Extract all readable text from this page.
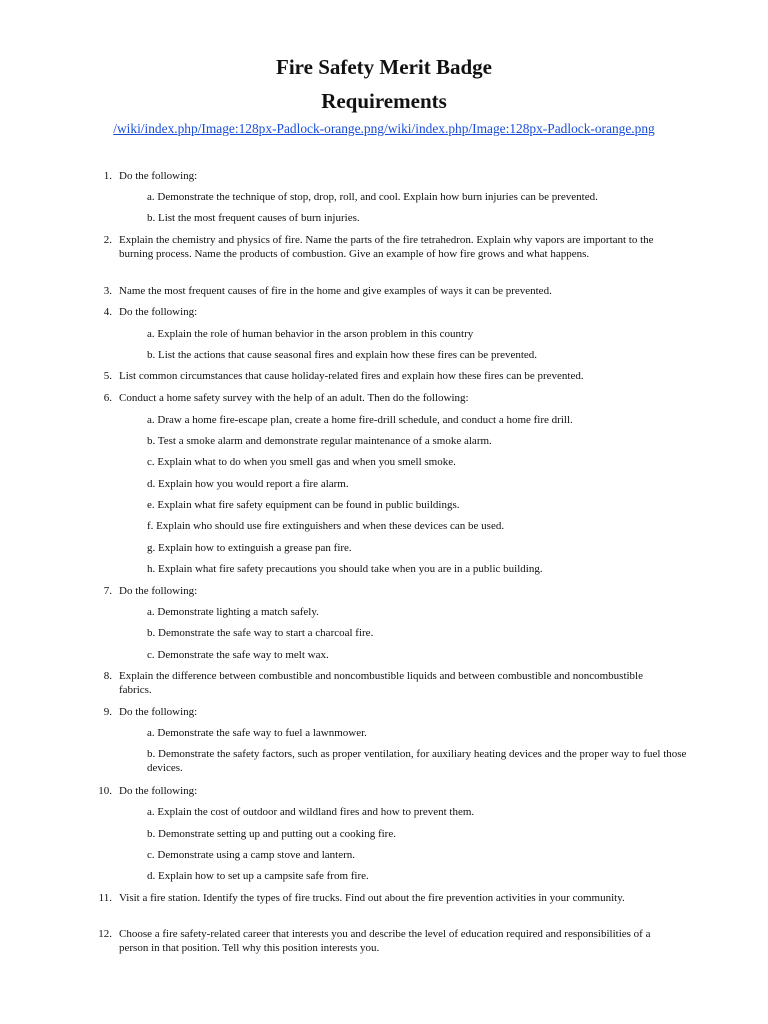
Fire Safety Merit Badge
Requirements
/wiki/index.php/Image:128px-Padlock-orange.png/wiki/index.php/Image:128px-Padlock-orange.png
1. Do the following:
a. Demonstrate the technique of stop, drop, roll, and cool. Explain how burn injuries can be prevented.
b. List the most frequent causes of burn injuries.
2. Explain the chemistry and physics of fire. Name the parts of the fire tetrahedron. Explain why vapors are important to the burning process. Name the products of combustion. Give an example of how fire grows and what happens.
3. Name the most frequent causes of fire in the home and give examples of ways it can be prevented.
4. Do the following:
a. Explain the role of human behavior in the arson problem in this country
b. List the actions that cause seasonal fires and explain how these fires can be prevented.
5. List common circumstances that cause holiday-related fires and explain how these fires can be prevented.
6. Conduct a home safety survey with the help of an adult. Then do the following:
a. Draw a home fire-escape plan, create a home fire-drill schedule, and conduct a home fire drill.
b. Test a smoke alarm and demonstrate regular maintenance of a smoke alarm.
c. Explain what to do when you smell gas and when you smell smoke.
d. Explain how you would report a fire alarm.
e. Explain what fire safety equipment can be found in public buildings.
f. Explain who should use fire extinguishers and when these devices can be used.
g. Explain how to extinguish a grease pan fire.
h. Explain what fire safety precautions you should take when you are in a public building.
7. Do the following:
a. Demonstrate lighting a match safely.
b. Demonstrate the safe way to start a charcoal fire.
c. Demonstrate the safe way to melt wax.
8. Explain the difference between combustible and noncombustible liquids and between combustible and noncombustible fabrics.
9. Do the following:
a. Demonstrate the safe way to fuel a lawnmower.
b. Demonstrate the safety factors, such as proper ventilation, for auxiliary heating devices and the proper way to fuel those devices.
10. Do the following:
a. Explain the cost of outdoor and wildland fires and how to prevent them.
b. Demonstrate setting up and putting out a cooking fire.
c. Demonstrate using a camp stove and lantern.
d. Explain how to set up a campsite safe from fire.
11. Visit a fire station. Identify the types of fire trucks. Find out about the fire prevention activities in your community.
12. Choose a fire safety-related career that interests you and describe the level of education required and responsibilities of a person in that position. Tell why this position interests you.
